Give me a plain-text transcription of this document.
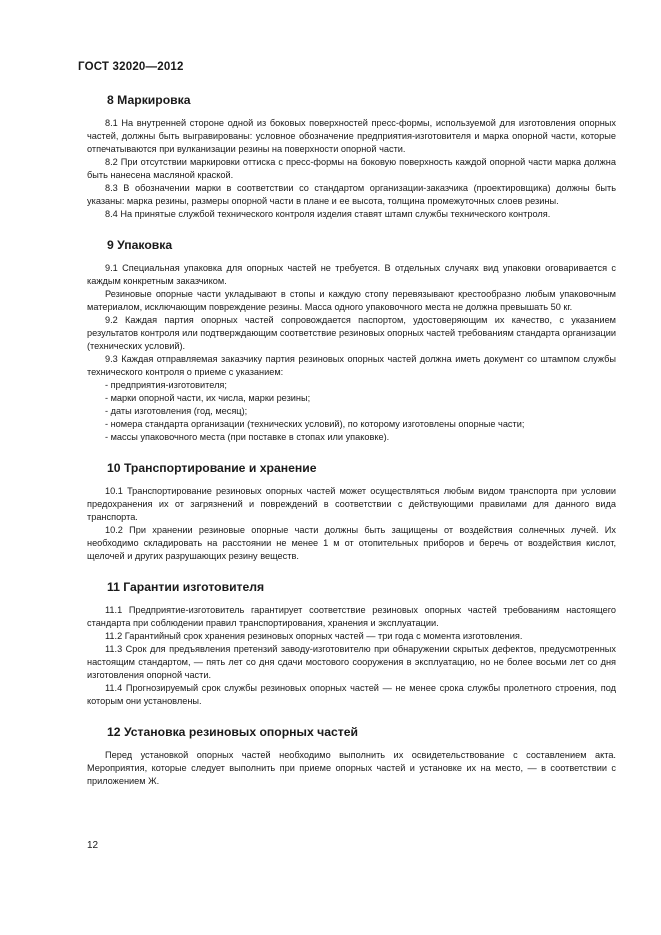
ГОСТ 32020—2012
8 Маркировка

8.1 На внутренней стороне одной из боковых поверхностей пресс-формы, используемой для изготовления опорных частей, должны быть выгравированы: условное обозначение предприятия-изготовителя и марка опорной части, которые отпечатываются при вулканизации резины на поверхности опорной части.

8.2 При отсутствии маркировки оттиска с пресс-формы на боковую поверхность каждой опорной части марка должна быть нанесена масляной краской.

8.3 В обозначении марки в соответствии со стандартом организации-заказчика (проектировщика) должны быть указаны: марка резины, размеры опорной части в плане и ее высота, толщина промежуточных слоев резины.

8.4 На принятые службой технического контроля изделия ставят штамп службы технического контроля.

9 Упаковка

9.1 Специальная упаковка для опорных частей не требуется. В отдельных случаях вид упаковки оговаривается с каждым конкретным заказчиком.

Резиновые опорные части укладывают в стопы и каждую стопу перевязывают крестообразно любым упаковочным материалом, исключающим повреждение резины. Масса одного упаковочного места не должна превышать 50 кг.

9.2 Каждая партия опорных частей сопровождается паспортом, удостоверяющим их качество, с указанием результатов контроля или подтверждающим соответствие резиновых опорных частей требованиям стандарта организации (технических условий).

9.3 Каждая отправляемая заказчику партия резиновых опорных частей должна иметь документ со штампом службы технического контроля о приеме с указанием:

- предприятия-изготовителя;
- марки опорной части, их числа, марки резины;
- даты изготовления (год, месяц);
- номера стандарта организации (технических условий), по которому изготовлены опорные части;
- массы упаковочного места (при поставке в стопах или упаковке).
10 Транспортирование и хранение

10.1 Транспортирование резиновых опорных частей может осуществляться любым видом транспорта при условии предохранения их от загрязнений и повреждений в соответствии с действующими правилами для данного вида транспорта.

10.2 При хранении резиновые опорные части должны быть защищены от воздействия солнечных лучей. Их необходимо складировать на расстоянии не менее 1 м от отопительных приборов и беречь от воздействия кислот, щелочей и других разрушающих резину веществ.

11 Гарантии изготовителя

11.1 Предприятие-изготовитель гарантирует соответствие резиновых опорных частей требованиям настоящего стандарта при соблюдении правил транспортирования, хранения и эксплуатации.

11.2 Гарантийный срок хранения резиновых опорных частей — три года с момента изготовления.

11.3 Срок для предъявления претензий заводу-изготовителю при обнаружении скрытых дефектов, предусмотренных настоящим стандартом, — пять лет со дня сдачи мостового сооружения в эксплуатацию, но не более восьми лет со дня изготовления опорной части.

11.4 Прогнозируемый срок службы резиновых опорных частей — не менее срока службы пролетного строения, под которым они установлены.

12 Установка резиновых опорных частей

Перед установкой опорных частей необходимо выполнить их освидетельствование с составлением акта. Мероприятия, которые следует выполнить при приеме опорных частей и установке их на место, — в соответствии с приложением Ж.

12
